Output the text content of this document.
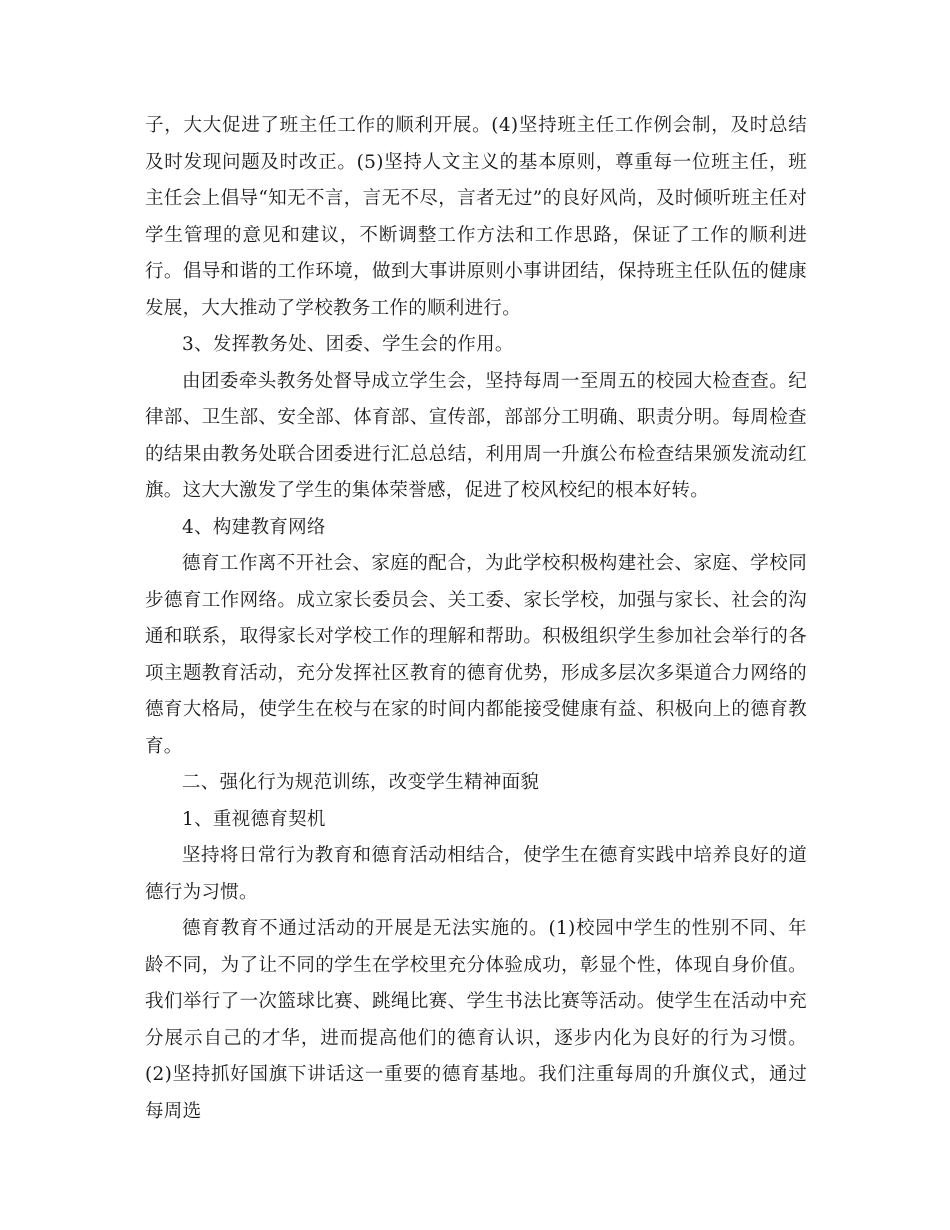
子，大大促进了班主任工作的顺利开展。(4)坚持班主任工作例会制，及时总结及时发现问题及时改正。(5)坚持人文主义的基本原则，尊重每一位班主任，班主任会上倡导“知无不言，言无不尽，言者无过”的良好风尚，及时倾听班主任对学生管理的意见和建议，不断调整工作方法和工作思路，保证了工作的顺利进行。倡导和谐的工作环境，做到大事讲原则小事讲团结，保持班主任队伍的健康发展，大大推动了学校教务工作的顺利进行。

3、发挥教务处、团委、学生会的作用。

由团委牵头教务处督导成立学生会，坚持每周一至周五的校园大检查查。纪律部、卫生部、安全部、体育部、宣传部，部部分工明确、职责分明。每周检查的结果由教务处联合团委进行汇总总结，利用周一升旗公布检查结果颁发流动红旗。这大大激发了学生的集体荣誉感，促进了校风校纪的根本好转。

4、构建教育网络

德育工作离不开社会、家庭的配合，为此学校积极构建社会、家庭、学校同步德育工作网络。成立家长委员会、关工委、家长学校，加强与家长、社会的沟通和联系，取得家长对学校工作的理解和帮助。积极组织学生参加社会举行的各项主题教育活动，充分发挥社区教育的德育优势，形成多层次多渠道合力网络的德育大格局，使学生在校与在家的时间内都能接受健康有益、积极向上的德育教育。

二、强化行为规范训练，改变学生精神面貌

1、重视德育契机

坚持将日常行为教育和德育活动相结合，使学生在德育实践中培养良好的道德行为习惯。

德育教育不通过活动的开展是无法实施的。(1)校园中学生的性别不同、年龄不同，为了让不同的学生在学校里充分体验成功，彰显个性，体现自身价值。我们举行了一次篮球比赛、跳绳比赛、学生书法比赛等活动。使学生在活动中充分展示自己的才华，进而提高他们的德育认识，逐步内化为良好的行为习惯。(2)坚持抓好国旗下讲话这一重要的德育基地。我们注重每周的升旗仪式，通过每周选
